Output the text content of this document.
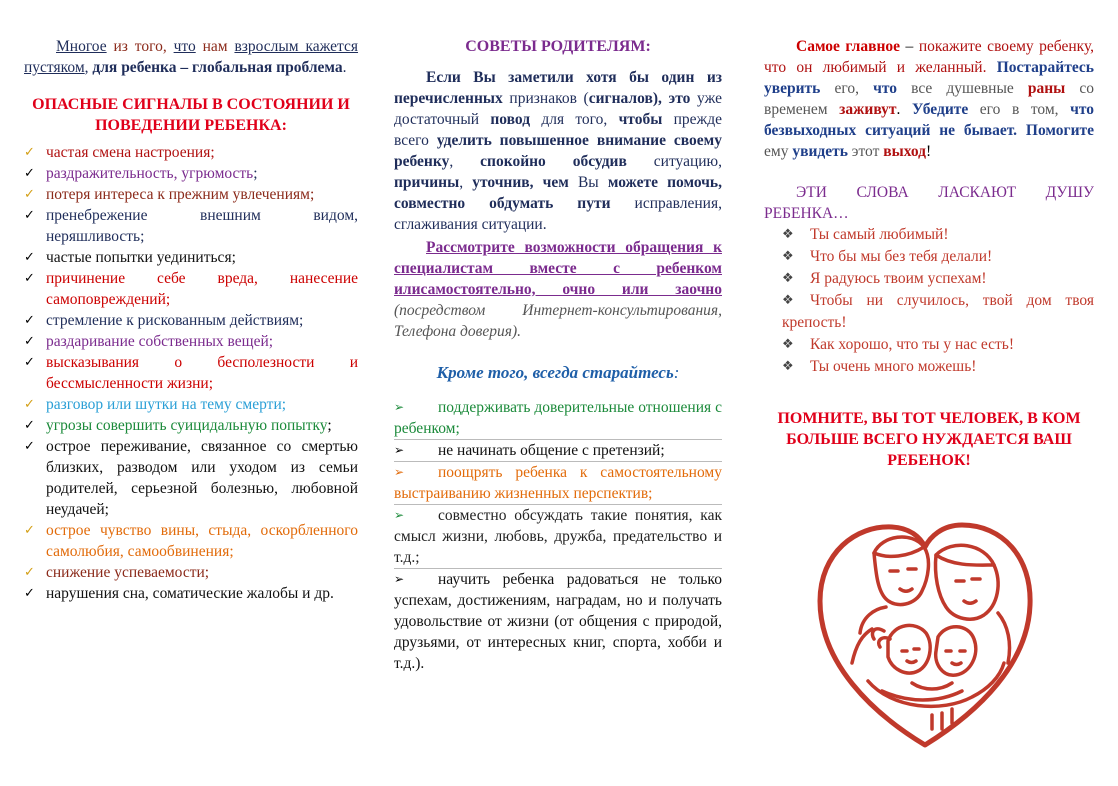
Многое из того, что нам взрослым кажется пустяком, для ребенка – глобальная проблема.

ОПАСНЫЕ СИГНАЛЫ В СОСТОЯНИИ И ПОВЕДЕНИИ РЕБЕНКА:
✓ частая смена настроения;
✓ раздражительность, угрюмость;
✓ потеря интереса к прежним увлечениям;
✓ пренебрежение внешним видом, неряшливость;
✓ частые попытки уединиться;
✓ причинение себе вреда, нанесение самоповреждений;
✓ стремление к рискованным действиям;
✓ раздаривание собственных вещей;
✓ высказывания о бесполезности и бессмысленности жизни;
✓ разговор или шутки на тему смерти;
✓ угрозы совершить суицидальную попытку;
✓ острое переживание, связанное со смертью близких, разводом или уходом из семьи родителей, серьезной болезнью, любовной неудачей;
✓ острое чувство вины, стыда, оскорбленного самолюбия, самообвинения;
✓ снижение успеваемости;
✓ нарушения сна, соматические жалобы и др.
СОВЕТЫ РОДИТЕЛЯМ:

Если Вы заметили хотя бы один из перечисленных признаков (сигналов), это уже достаточный повод для того, чтобы прежде всего уделить повышенное внимание своему ребенку, спокойно обсудив ситуацию, причины, уточнив, чем Вы можете помочь, совместно обдумать пути исправления, сглаживания ситуации.

Рассмотрите возможности обращения к специалистам вместе с ребенком илисамостоятельно, очно или заочно (посредством Интернет-консультирования, Телефона доверия).

Кроме того, всегда старайтесь:
➢ поддерживать доверительные отношения с ребенком;
➢ не начинать общение с претензий;
➢ поощрять ребенка к самостоятельному выстраиванию жизненных перспектив;
➢ совместно обсуждать такие понятия, как смысл жизни, любовь, дружба, предательство и т.д.;
➢ научить ребенка радоваться не только успехам, достижениям, наградам, но и получать удовольствие от жизни (от общения с природой, друзьями, от интересных книг, спорта, хобби и т.д.).

Самое главное – покажите своему ребенку, что он любимый и желанный. Постарайтесь уверить его, что все душевные раны со временем заживут. Убедите его в том, что безвыходных ситуаций не бывает. Помогите ему увидеть этот выход!

ЭТИ СЛОВА ЛАСКАЮТ ДУШУ РЕБЕНКА…

❖ Ты самый любимый!
❖ Что бы мы без тебя делали!
❖ Я радуюсь твоим успехам!
❖ Чтобы ни случилось, твой дом твоя крепость!
❖ Как хорошо, что ты у нас есть!
❖ Ты очень много можешь!
ПОМНИТЕ, ВЫ ТОТ ЧЕЛОВЕК, В КОМ БОЛЬШЕ ВСЕГО НУЖДАЕТСЯ ВАШ РЕБЕНОК!
